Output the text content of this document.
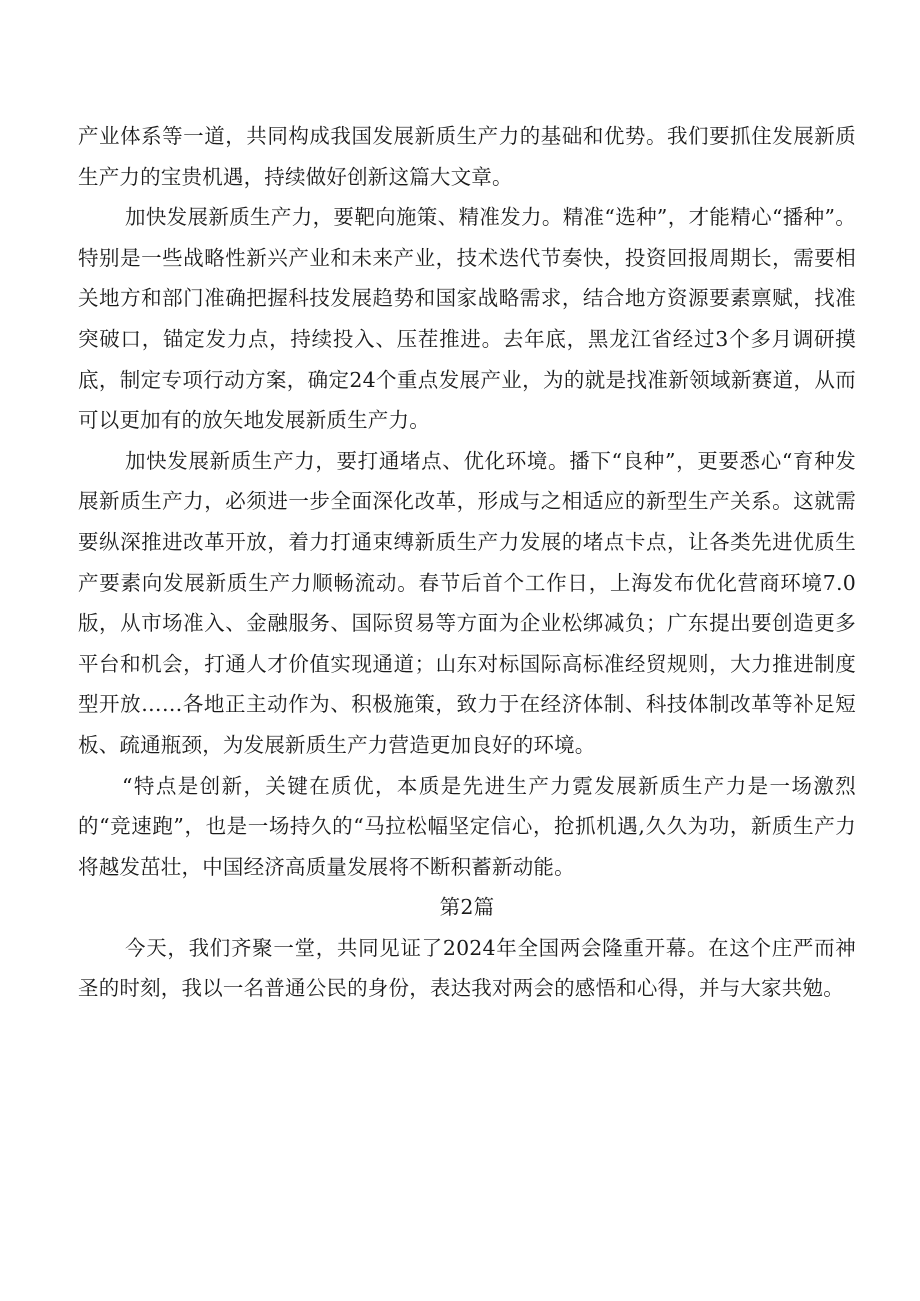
产业体系等一道，共同构成我国发展新质生产力的基础和优势。我们要抓住发展新质生产力的宝贵机遇，持续做好创新这篇大文章。

加快发展新质生产力，要靶向施策、精准发力。精准“选种”，才能精心“播种”。特别是一些战略性新兴产业和未来产业，技术迭代节奏快，投资回报周期长，需要相关地方和部门准确把握科技发展趋势和国家战略需求，结合地方资源要素禀赋，找准突破口，锚定发力点，持续投入、压茬推进。去年底，黑龙江省经过3个多月调研摸底，制定专项行动方案，确定24个重点发展产业，为的就是找准新领域新赛道，从而可以更加有的放矢地发展新质生产力。

加快发展新质生产力，要打通堵点、优化环境。播下“良种”，更要悉心“育种发展新质生产力，必须进一步全面深化改革，形成与之相适应的新型生产关系。这就需要纵深推进改革开放，着力打通束缚新质生产力发展的堵点卡点，让各类先进优质生产要素向发展新质生产力顺畅流动。春节后首个工作日，上海发布优化营商环境7.0版，从市场准入、金融服务、国际贸易等方面为企业松绑减负；广东提出要创造更多平台和机会，打通人才价值实现通道；山东对标国际高标准经贸规则，大力推进制度型开放……各地正主动作为、积极施策，致力于在经济体制、科技体制改革等补足短板、疏通瓶颈，为发展新质生产力营造更加良好的环境。

“特点是创新，关键在质优，本质是先进生产力霓发展新质生产力是一场激烈的“竞速跑”，也是一场持久的“马拉松幅坚定信心，抢抓机遇,久久为功，新质生产力将越发茁壮，中国经济高质量发展将不断积蓄新动能。

第2篇

今天，我们齐聚一堂，共同见证了2024年全国两会隆重开幕。在这个庄严而神圣的时刻，我以一名普通公民的身份，表达我对两会的感悟和心得，并与大家共勉。
